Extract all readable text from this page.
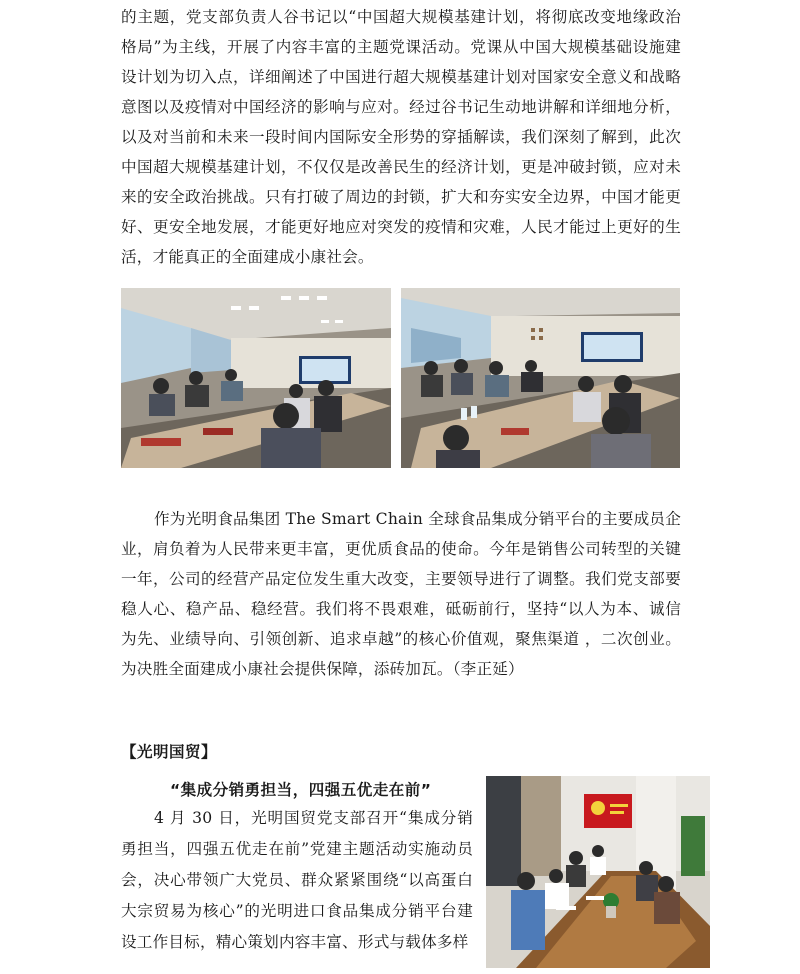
的主题，党支部负责人谷书记以“中国超大规模基建计划，将彻底改变地缘政治格局”为主线，开展了内容丰富的主题党课活动。党课从中国大规模基础设施建设计划为切入点，详细阐述了中国进行超大规模基建计划对国家安全意义和战略意图以及疫情对中国经济的影响与应对。经过谷书记生动地讲解和详细地分析，以及对当前和未来一段时间内国际安全形势的穿插解读，我们深刻了解到，此次中国超大规模基建计划，不仅仅是改善民生的经济计划，更是冲破封锁，应对未来的安全政治挑战。只有打破了周边的封锁，扩大和夯实安全边界，中国才能更好、更安全地发展，才能更好地应对突发的疫情和灾难，人民才能过上更好的生活，才能真正的全面建成小康社会。

作为光明食品集团 The Smart Chain 全球食品集成分销平台的主要成员企业，肩负着为人民带来更丰富，更优质食品的使命。今年是销售公司转型的关键一年，公司的经营产品定位发生重大改变，主要领导进行了调整。我们党支部要稳人心、稳产品、稳经营。我们将不畏艰难，砥砺前行，坚持“以人为本、诚信为先、业绩导向、引领创新、追求卓越”的核心价值观，聚焦渠道 ，二次创业。为决胜全面建成小康社会提供保障，添砖加瓦。（李正延）

【光明国贸】
“集成分销勇担当，四强五优走在前”

4 月 30 日，光明国贸党支部召开“集成分销勇担当，四强五优走在前”党建主题活动实施动员会，决心带领广大党员、群众紧紧围绕“以高蛋白大宗贸易为核心”的光明进口食品集成分销平台建设工作目标，精心策划内容丰富、形式与载体多样
